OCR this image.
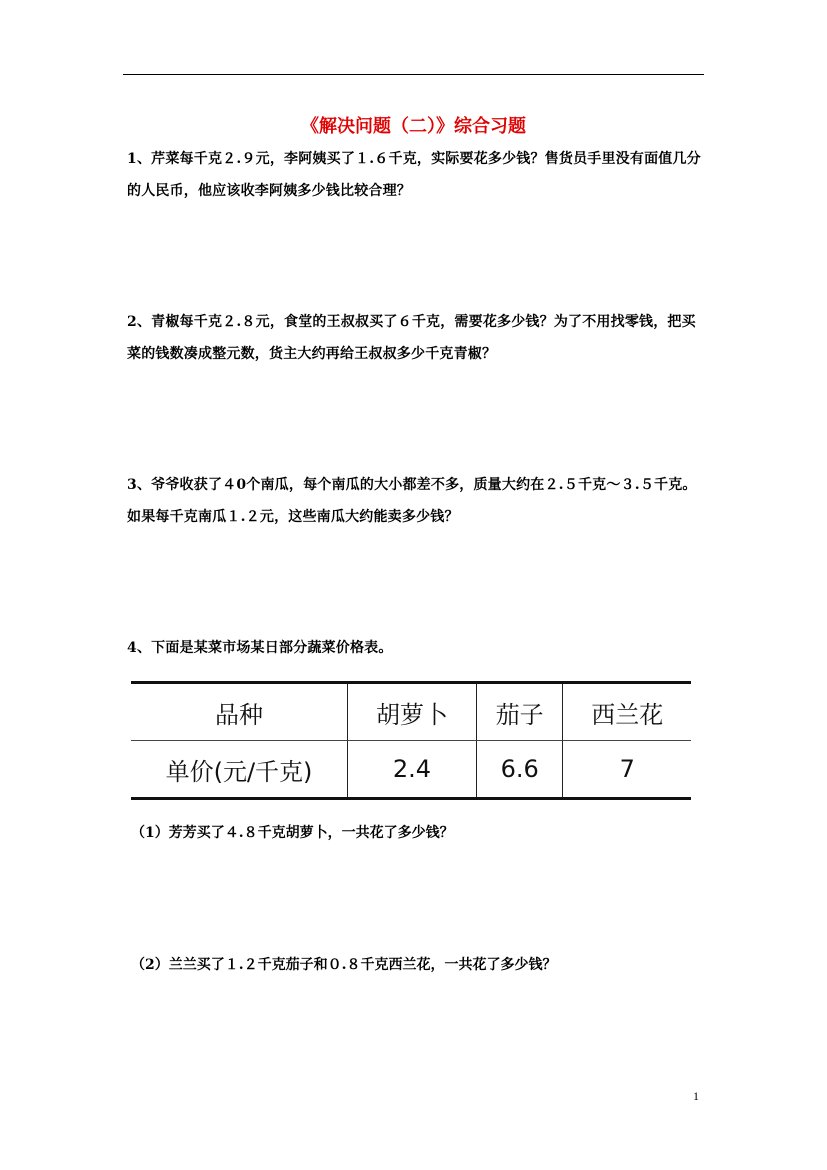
《解决问题（二）》综合习题
1、芹菜每千克２.９元，李阿姨买了１.６千克，实际要花多少钱？售货员手里没有面值几分的人民币，他应该收李阿姨多少钱比较合理？
2、青椒每千克２.８元，食堂的王叔叔买了６千克，需要花多少钱？为了不用找零钱，把买菜的钱数凑成整元数，货主大约再给王叔叔多少千克青椒？
3、爷爷收获了４0个南瓜，每个南瓜的大小都差不多，质量大约在２.５千克～３.５千克。如果每千克南瓜１.２元，这些南瓜大约能卖多少钱？
4、下面是某菜市场某日部分蔬菜价格表。
品种	胡萝卜	茄子	西兰花
单价(元/千克)	2.4	6.6	7
（1）芳芳买了４.８千克胡萝卜，一共花了多少钱？
（2）兰兰买了１.２千克茄子和０.８千克西兰花，一共花了多少钱？
1
